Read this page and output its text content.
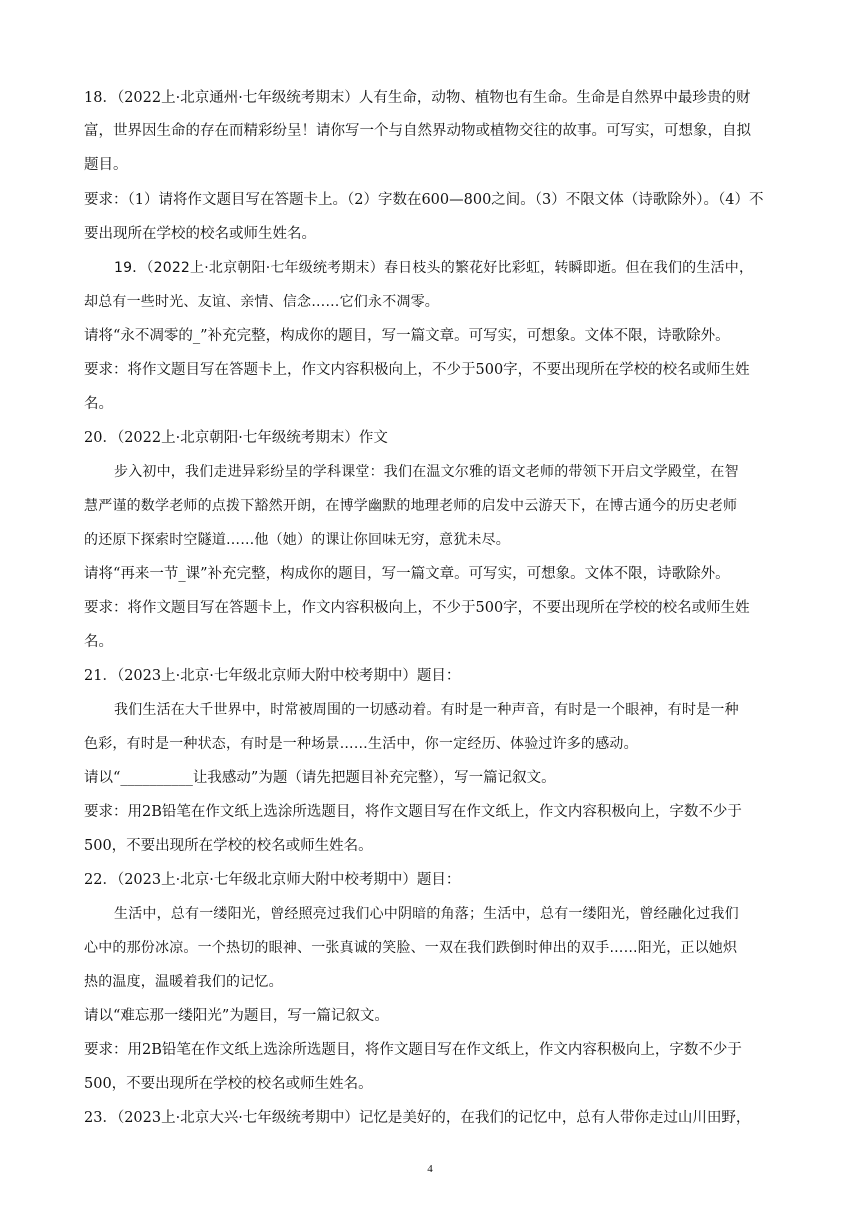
18．（2022上·北京通州·七年级统考期末）人有生命，动物、植物也有生命。生命是自然界中最珍贵的财
富，世界因生命的存在而精彩纷呈！请你写一个与自然界动物或植物交往的故事。可写实，可想象，自拟
题目。
要求：（1）请将作文题目写在答题卡上。（2）字数在600—800之间。（3）不限文体（诗歌除外）。（4）不
要出现所在学校的校名或师生姓名。
19．（2022上·北京朝阳·七年级统考期末）春日枝头的繁花好比彩虹，转瞬即逝。但在我们的生活中，
却总有一些时光、友谊、亲情、信念……它们永不凋零。
请将“永不凋零的_”补充完整，构成你的题目，写一篇文章。可写实，可想象。文体不限，诗歌除外。
要求：将作文题目写在答题卡上，作文内容积极向上，不少于500字，不要出现所在学校的校名或师生姓
名。
20．（2022上·北京朝阳·七年级统考期末）作文
步入初中，我们走进异彩纷呈的学科课堂：我们在温文尔雅的语文老师的带领下开启文学殿堂，在智
慧严谨的数学老师的点拨下豁然开朗，在博学幽默的地理老师的启发中云游天下，在博古通今的历史老师
的还原下探索时空隧道……他（她）的课让你回味无穷，意犹未尽。
请将“再来一节_课”补充完整，构成你的题目，写一篇文章。可写实，可想象。文体不限，诗歌除外。
要求：将作文题目写在答题卡上，作文内容积极向上，不少于500字，不要出现所在学校的校名或师生姓
名。
21．（2023上·北京·七年级北京师大附中校考期中）题目：
我们生活在大千世界中，时常被周围的一切感动着。有时是一种声音，有时是一个眼神，有时是一种
色彩，有时是一种状态，有时是一种场景……生活中，你一定经历、体验过许多的感动。
请以“__________让我感动”为题（请先把题目补充完整），写一篇记叙文。
要求：用2B铅笔在作文纸上选涂所选题目，将作文题目写在作文纸上，作文内容积极向上，字数不少于
500，不要出现所在学校的校名或师生姓名。
22．（2023上·北京·七年级北京师大附中校考期中）题目：
生活中，总有一缕阳光，曾经照亮过我们心中阴暗的角落；生活中，总有一缕阳光，曾经融化过我们
心中的那份冰凉。一个热切的眼神、一张真诚的笑脸、一双在我们跌倒时伸出的双手……阳光，正以她炽
热的温度，温暖着我们的记忆。
请以“难忘那一缕阳光”为题目，写一篇记叙文。
要求：用2B铅笔在作文纸上选涂所选题目，将作文题目写在作文纸上，作文内容积极向上，字数不少于
500，不要出现所在学校的校名或师生姓名。
23．（2023上·北京大兴·七年级统考期中）记忆是美好的，在我们的记忆中，总有人带你走过山川田野，
4
